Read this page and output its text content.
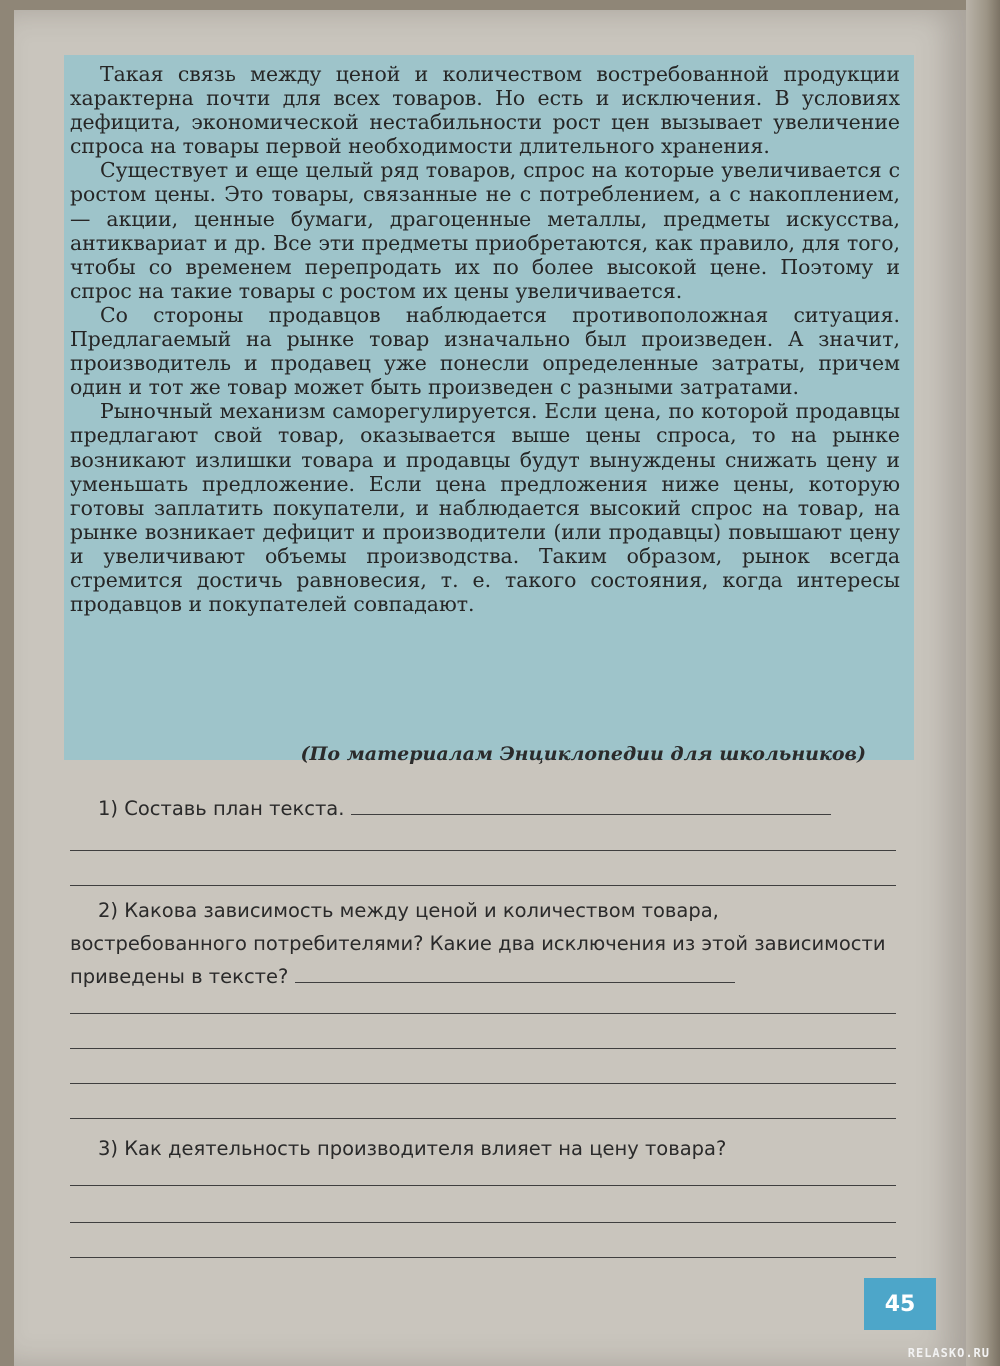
Такая связь между ценой и количеством востребованной продукции характерна почти для всех товаров. Но есть и исключения. В условиях дефицита, экономической нестабильности рост цен вызывает увеличение спроса на товары первой необходимости длительного хранения.

Существует и еще целый ряд товаров, спрос на которые увеличивается с ростом цены. Это товары, связанные не с потреблением, а с накоплением, — акции, ценные бумаги, драгоценные металлы, предметы искусства, антиквариат и др. Все эти предметы приобретаются, как правило, для того, чтобы со временем перепродать их по более высокой цене. Поэтому и спрос на такие товары с ростом их цены увеличивается.

Со стороны продавцов наблюдается противоположная ситуация. Предлагаемый на рынке товар изначально был произведен. А значит, производитель и продавец уже понесли определенные затраты, причем один и тот же товар может быть произведен с разными затратами.

Рыночный механизм саморегулируется. Если цена, по которой продавцы предлагают свой товар, оказывается выше цены спроса, то на рынке возникают излишки товара и продавцы будут вынуждены снижать цену и уменьшать предложение. Если цена предложения ниже цены, которую готовы заплатить покупатели, и наблюдается высокий спрос на товар, на рынке возникает дефицит и производители (или продавцы) повышают цену и увеличивают объемы производства. Таким образом, рынок всегда стремится достичь равновесия, т. е. такого состояния, когда интересы продавцов и покупателей совпадают.

(По материалам Энциклопедии для школьников)
1) Составь план текста.
2) Какова зависимость между ценой и количеством товара, востребованного потребителями? Какие два исключения из этой зависимости приведены в тексте?
3) Как деятельность производителя влияет на цену товара?
45
RELASKO.RU
